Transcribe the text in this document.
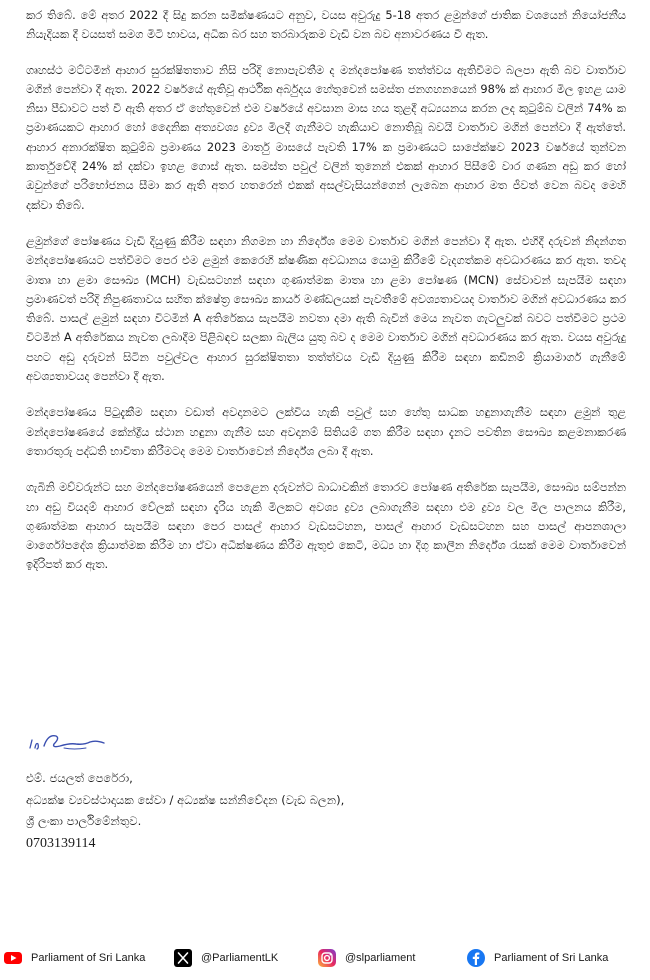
කර තිබේ. මේ අතර 2022 දී සිදු කරන සමීක්ෂණයට අනුව, වයස අවුරුදු 5-18 අතර ළමුන්ගේ ජාතික වශයෙන් නියෝජනීය නියැදියක දී වයසත් සමග මිටි භාවය, අධික බර සහ තරබාරුකම වැඩි වන බව අනාවරණය වී ඇත.

ගෘහස්ථ මට්ටමින් ආහාර සුරක්ෂිතතාව නිසි පරිදි නොපැවතීම ද මන්දපෝෂණ තත්ත්වය ඇතිවීමට බලපා ඇති බව වාර්තාව මගින් පෙන්වා දී ඇත. 2022 වර්ෂයේ ඇතිවූ ආර්ථික අර්බුදය හේතුවෙන් සමස්ත ජනගහනයෙන් 98% ක් ආහාර මිල ඉහළ යාම නිසා පීඩාවට පත් වී ඇති අතර ඒ හේතුවෙන් එම වර්ෂයේ අවසාන මාස හය තුළදී අධ්‍යයනය කරන ලද කුටුම්බ වලින් 74% ක ප්‍රමාණයකට ආහාර හෝ දෛනික අත්‍යවශ්‍ය ද්‍රව්‍ය මිලදී ගැනීමට හැකියාව නොතිබූ බවයි වාර්තාව මගින් පෙන්වා දී ඇත්තේ. ආහාර අනාරක්ෂිත කුටුම්බ ප්‍රමාණය 2023 මාර්තු මාසයේ පැවති 17% ක ප්‍රමාණයට සාපේක්ෂව 2023 වර්ෂයේ තුන්වන කාර්තුවේදී 24% ක් දක්වා ඉහළ ගොස් ඇත. සමස්ත පවුල් වලින් තුනෙන් එකක් ආහාර පිසීමේ වාර ගණන අඩු කර හෝ ඔවුන්ගේ පරිභෝජනය සීමා කර ඇති අතර හතරෙන් එකක් අසල්වැසියන්ගෙන් ලැබෙන ආහාර මත ජීවත් වෙන බවද මෙහි දක්වා තිබේ.

ළමුන්ගේ පෝෂණය වැඩි දියුණු කිරීම සඳහා නිගමන හා නිර්දේශ මෙම වාර්තාව මගින් පෙන්වා දී ඇත. එහිදී දරුවන් නිදන්ගත මන්දපෝෂණයට පත්වීමට පෙර එම ළමුන් කෙරෙහි ක්ෂණික අවධානය යොමු කිරීමේ වැදගත්කම අවධාරණය කර ඇත. තවද මාතෘ හා ළමා සෞඛ්‍ය (MCH) වැඩසටහන් සඳහා ගුණාත්මක මාතෘ හා ළමා පෝෂණ (MCN) සේවාවන් සැපයීම සඳහා ප්‍රමාණවත් පරිදි නිපුණතාවය සහිත ක්ෂේත්‍ර සෞඛ්‍ය කාර්ය මණ්ඩලයක් පැවතීමේ අවශ්‍යතාවයද වාර්තාව මගින් අවධාරණය කර තිබේ. පාසල් ළමුන් සඳහා විටමින් A අතිරේකය සැපයීම නවතා දමා ඇති බැවින් මෙය නැවත ගැටලුවක් බවට පත්වීමට ප්‍රථම විටමින් A අතිරේකය නැවත ලබාදීම පිළිබඳව සලකා බැලිය යුතු බව ද මෙම වාර්තාව මගින් අවධාරණය කර ඇත. වයස අවුරුදු පහට අඩු දරුවන් සිටින පවුල්වල ආහාර සුරක්ෂිතතා තත්ත්වය වැඩි දියුණු කිරීම සඳහා කඩිනම් ක්‍රියාමාර්ග ගැනීමේ අවශ්‍යතාවයද පෙන්වා දී ඇත.

මන්දපෝෂණය පිටුදැකීම සඳහා වඩාත් අවදානමට ලක්විය හැකි පවුල් සහ හේතු සාධක හඳුනාගැනීම සඳහා ළමුන් තුළ මන්දපෝෂණයේ කේන්ද්‍රීය ස්ථාන හඳුනා ගැනීම සහ අවදානම් සිතියම් ගත කිරීම සඳහා දැනට පවතින සෞඛ්‍ය කළමනාකරණ තොරතුරු පද්ධති භාවිතා කිරීමටද මෙම වාර්තාවෙන් නිර්දේශ ලබා දී ඇත.

ගැබිනි මව්වරුන්ට සහ මන්දපෝෂණයෙන් පෙළෙන දරුවන්ට බාධාවකින් තොරව පෝෂණ අතිරේක සැපයීම, සෞඛ්‍ය සම්පන්න හා අඩු වියදම් ආහාර වේලක් සඳහා දැරිය හැකි මිලකට අවශ්‍ය ද්‍රව්‍ය ලබාගැනීම සඳහා එම ද්‍රව්‍ය වල මිල පාලනය කිරීම, ගුණාත්මක ආහාර සැපයීම සඳහා පෙර පාසල් ආහාර වැඩසටහන, පාසල් ආහාර වැඩසටහන සහ පාසල් ආපනශාලා මාර්ගෝපදේශ ක්‍රියාත්මක කිරීම හා ඒවා අධීක්ෂණය කිරීම ඇතුළු කෙටි, මධ්‍ය හා දිගු කාලීන නිර්දේශ රැසක් මෙම වාර්තාවෙන් ඉදිරිපත් කර ඇත.

එම්. ජයලත් පෙරේරා,
අධ්‍යක්ෂ ව්‍යවස්ථාදායක සේවා / අධ්‍යක්ෂ සන්නිවේදන (වැඩ බලන),
ශ්‍රී ලංකා පාර්ලිමේන්තුව.
0703139114
Parliament of Sri Lanka	@ParliamentLK	@slparliament	Parliament of Sri Lanka
